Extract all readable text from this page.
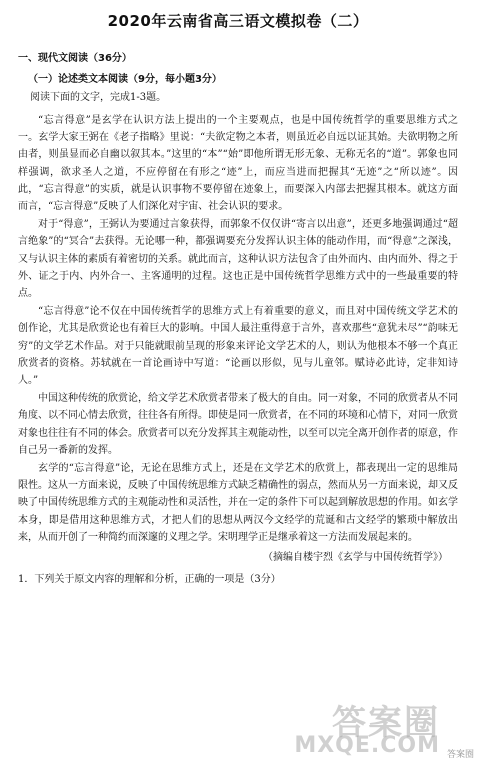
2020年云南省高三语文模拟卷（二）
一、现代文阅读（36分）
（一）论述类文本阅读（9分，每小题3分）
阅读下面的文字，完成1-3题。

“忘言得意”是玄学在认识方法上提出的一个主要观点，也是中国传统哲学的重要思维方式之一。玄学大家王弼在《老子指略》里说：“夫欲定物之本者，则虽近必自远以证其始。夫欲明物之所由者，则虽显而必自幽以叙其本。”这里的“本”“始”即他所谓无形无象、无称无名的“道”。郭象也同样强调，欲求圣人之道，不应停留在有形之“迹”上，而应当进而把握其“无迹”之“所以迹”。因此，“忘言得意”的实质，就是认识事物不要停留在迹象上，而要深入内部去把握其根本。就这方面而言，“忘言得意”反映了人们深化对宇宙、社会认识的要求。

对于“得意”，王弼认为要通过言象获得，而郭象不仅仅讲“寄言以出意”，还更多地强调通过“超言绝象”的“冥合”去获得。无论哪一种，都强调要充分发挥认识主体的能动作用，而“得意”之深浅，又与认识主体的素质有着密切的关系。就此而言，这种认识方法包含了由外而内、由内而外、得之于外、证之于内、内外合一、主客通明的过程。这也正是中国传统哲学思维方式中的一些最重要的特点。

“忘言得意”论不仅在中国传统哲学的思维方式上有着重要的意义，而且对中国传统文学艺术的创作论，尤其是欣赏论也有着巨大的影响。中国人最注重得意于言外，喜欢那些“意犹未尽”“韵味无穷”的文学艺术作品。对于只能就眼前呈现的形象来评论文学艺术的人，则认为他根本不够一个真正欣赏者的资格。苏轼就在一首论画诗中写道：“论画以形似，见与儿童邻。赋诗必此诗，定非知诗人。”

中国这种传统的欣赏论，给文学艺术欣赏者带来了极大的自由。同一对象，不同的欣赏者从不同角度、以不同心情去欣赏，往往各有所得。即使是同一欣赏者，在不同的环境和心情下，对同一欣赏对象也往往有不同的体会。欣赏者可以充分发挥其主观能动性，以至可以完全离开创作者的原意，作自己另一番新的发挥。

玄学的“忘言得意”论，无论在思维方式上，还是在文学艺术的欣赏上，都表现出一定的思维局限性。这从一方面来说，反映了中国传统思维方式缺乏精确性的弱点，然而从另一方面来说，却又反映了中国传统思维方式的主观能动性和灵活性，并在一定的条件下可以起到解放思想的作用。如玄学本身，即是借用这种思维方式，才把人们的思想从两汉今文经学的荒诞和古文经学的繁琐中解放出来，从而开创了一种简约而深邃的义理之学。宋明理学正是继承着这一方法而发展起来的。

（摘编自楼宇烈《玄学与中国传统哲学》）
1．下列关于原文内容的理解和分析，正确的一项是（3分）
答案圈
MXQE.COM 答案圈
